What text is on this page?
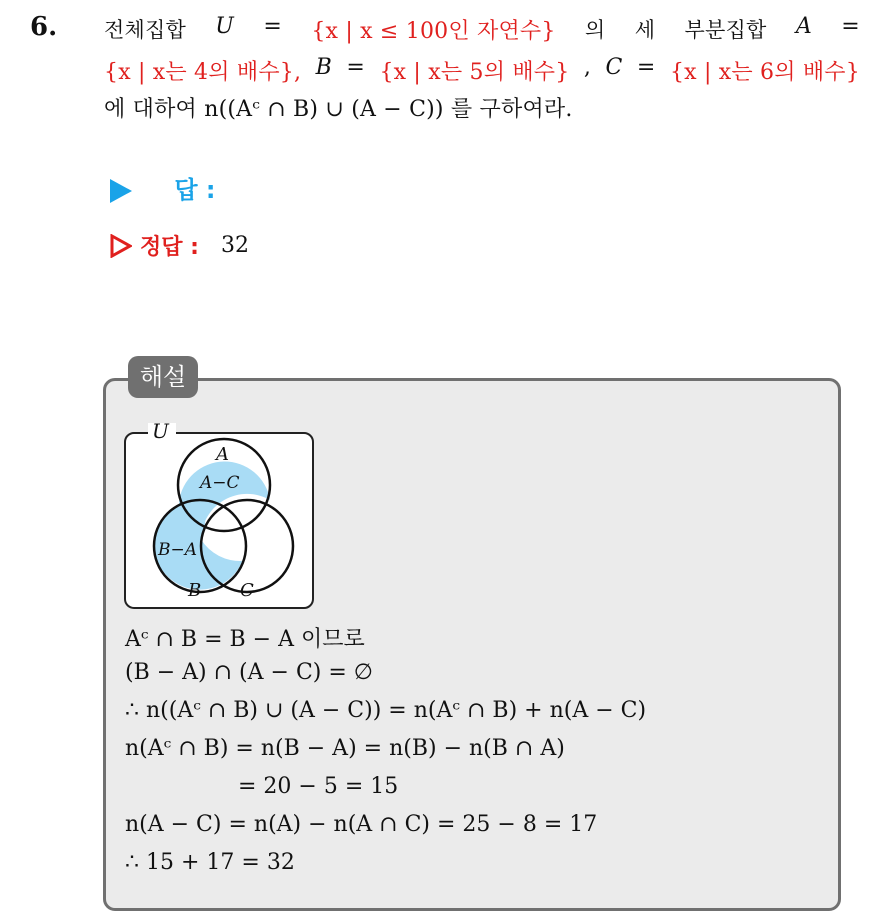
6. 전체집합 U = {x | x ≤ 100인 자연수} 의 세 부분집합 A =
{x | x는 4의 배수}, B = {x | x는 5의 배수} , C = {x | x는 6의 배수}
에 대하여 n((Aᶜ ∩ B) ∪ (A − C)) 를 구하여라.
답 :
정답 : 32
해설
U
A
A−C
B−A
B C
Aᶜ ∩ B = B − A 이므로
(B − A) ∩ (A − C) = ∅
∴ n((Aᶜ ∩ B) ∪ (A − C)) = n(Aᶜ ∩ B) + n(A − C)
n(Aᶜ ∩ B) = n(B − A) = n(B) − n(B ∩ A)
= 20 − 5 = 15
n(A − C) = n(A) − n(A ∩ C) = 25 − 8 = 17
∴ 15 + 17 = 32
